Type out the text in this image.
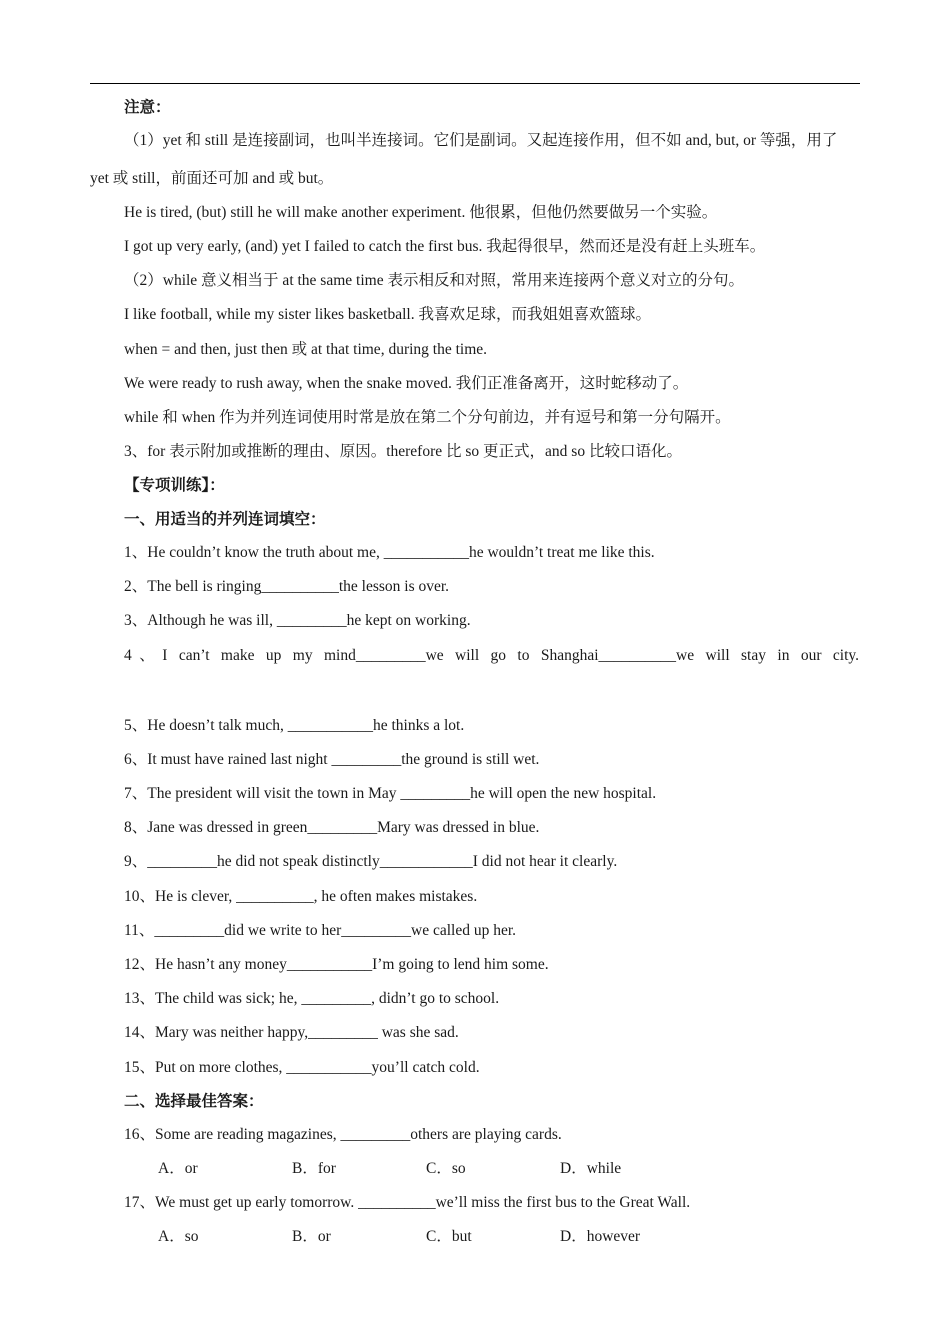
注意：
（1）yet 和 still 是连接副词，也叫半连接词。它们是副词。又起连接作用，但不如 and, but, or 等强，用了
yet 或 still，前面还可加 and 或 but。
He is tired, (but) still he will make another experiment. 他很累，但他仍然要做另一个实验。
I got up very early, (and) yet I failed to catch the first bus. 我起得很早，然而还是没有赶上头班车。
（2）while 意义相当于 at the same time 表示相反和对照，常用来连接两个意义对立的分句。
I like football, while my sister likes basketball. 我喜欢足球，而我姐姐喜欢篮球。
when = and then, just then 或 at that time, during the time.
We were ready to rush away, when the snake moved. 我们正准备离开，这时蛇移动了。
while 和 when 作为并列连词使用时常是放在第二个分句前边，并有逗号和第一分句隔开。
3、for 表示附加或推断的理由、原因。therefore 比 so 更正式，and so 比较口语化。
【专项训练】：
一、用适当的并列连词填空：
1、He couldn’t know the truth about me, ___________he wouldn’t treat me like this.
2、The bell is ringing__________the lesson is over.
3、Although he was ill, _________he kept on working.
4、I can’t make up my mind_________we will go to Shanghai__________we will stay in our city.
5、He doesn’t talk much, ___________he thinks a lot.
6、It must have rained last night _________the ground is still wet.
7、The president will visit the town in May _________he will open the new hospital.
8、Jane was dressed in green_________Mary was dressed in blue.
9、_________he did not speak distinctly____________I did not hear it clearly.
10、He is clever, __________, he often makes mistakes.
11、_________did we write to her_________we called up her.
12、He hasn’t any money___________I’m going to lend him some.
13、The child was sick; he, _________, didn’t go to school.
14、Mary was neither happy,_________ was she sad.
15、Put on more clothes, ___________you’ll catch cold.
二、选择最佳答案：
16、Some are reading magazines, _________others are playing cards.
A．or	B．for	C．so	D．while
17、We must get up early tomorrow. __________we’ll miss the first bus to the Great Wall.
A．so	B．or	C．but	D．however
